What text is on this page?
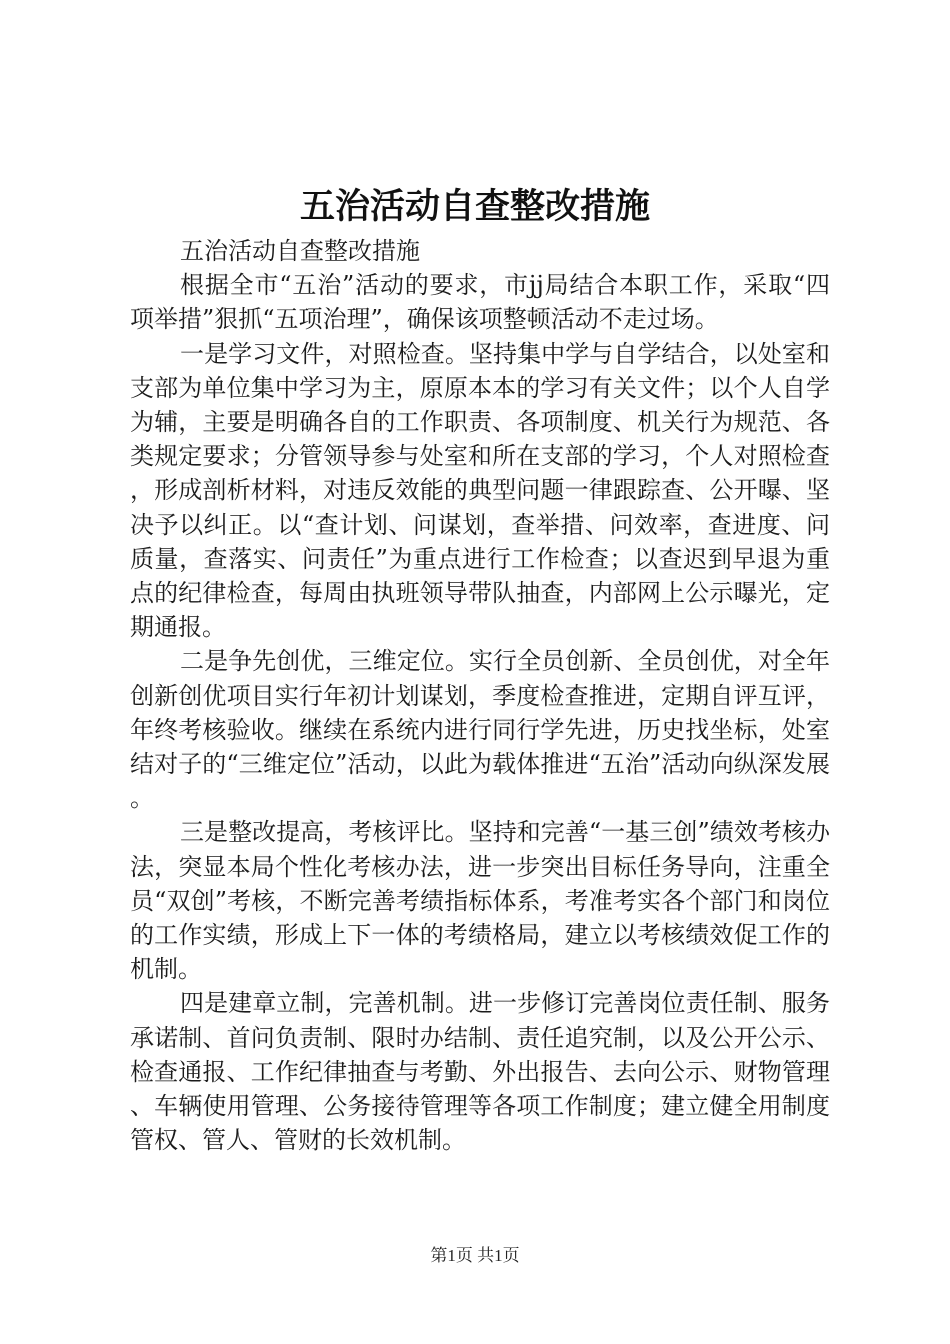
五治活动自查整改措施

五治活动自查整改措施

根据全市“五治”活动的要求，市jj局结合本职工作，采取“四项举措”狠抓“五项治理”，确保该项整顿活动不走过场。

一是学习文件，对照检查。坚持集中学与自学结合，以处室和支部为单位集中学习为主，原原本本的学习有关文件；以个人自学为辅，主要是明确各自的工作职责、各项制度、机关行为规范、各类规定要求；分管领导参与处室和所在支部的学习，个人对照检查，形成剖析材料，对违反效能的典型问题一律跟踪查、公开曝、坚决予以纠正。以“查计划、问谋划，查举措、问效率，查进度、问质量，查落实、问责任”为重点进行工作检查；以查迟到早退为重点的纪律检查，每周由执班领导带队抽查，内部网上公示曝光，定期通报。

二是争先创优，三维定位。实行全员创新、全员创优，对全年创新创优项目实行年初计划谋划，季度检查推进，定期自评互评，年终考核验收。继续在系统内进行同行学先进，历史找坐标，处室结对子的“三维定位”活动，以此为载体推进“五治”活动向纵深发展。

三是整改提高，考核评比。坚持和完善“一基三创”绩效考核办法，突显本局个性化考核办法，进一步突出目标任务导向，注重全员“双创”考核，不断完善考绩指标体系，考准考实各个部门和岗位的工作实绩，形成上下一体的考绩格局，建立以考核绩效促工作的机制。

四是建章立制，完善机制。进一步修订完善岗位责任制、服务承诺制、首问负责制、限时办结制、责任追究制，以及公开公示、检查通报、工作纪律抽查与考勤、外出报告、去向公示、财物管理、车辆使用管理、公务接待管理等各项工作制度；建立健全用制度管权、管人、管财的长效机制。

第1页 共1页
